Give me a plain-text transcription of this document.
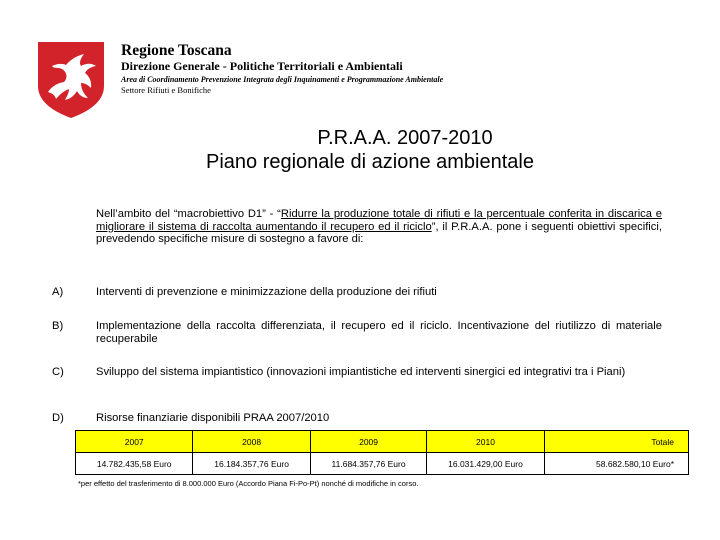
Regione Toscana
Direzione Generale - Politiche Territoriali e Ambientali
Area di Coordinamento Prevenzione Integrata degli Inquinamenti e Programmazione Ambientale
Settore Rifiuti e Bonifiche
P.R.A.A. 2007-2010
Piano regionale di azione ambientale
Nell’ambito del “macrobiettivo D1” - “Ridurre la produzione totale di rifiuti e la percentuale conferita in discarica e migliorare il sistema di raccolta aumentando il recupero ed il riciclo”, il P.R.A.A. pone i seguenti obiettivi specifici, prevedendo specifiche misure di sostegno a favore di:
A)	Interventi di prevenzione e minimizzazione della produzione dei rifiuti
B)	Implementazione della raccolta differenziata, il recupero ed il riciclo. Incentivazione del riutilizzo di materiale recuperabile
C)	Sviluppo del sistema impiantistico (innovazioni impiantistiche ed interventi sinergici ed integrativi tra i Piani)
D)	Risorse finanziarie disponibili PRAA 2007/2010
2007	2008	2009	2010	Totale
14.782.435,58 Euro	16.184.357,76 Euro	11.684.357,76 Euro	16.031.429,00 Euro	58.682.580,10 Euro*
*per effetto del trasferimento di 8.000.000 Euro (Accordo Piana Fi-Po-Pt) nonché di modifiche in corso.
